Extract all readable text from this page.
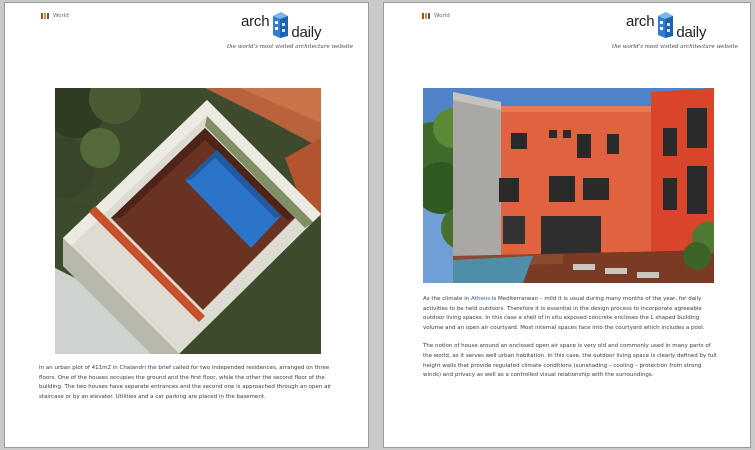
World	arch
daily
the world's most visited architecture website

In an urban plot of 411m2 in Chalandri the brief called for two independed residences, arranged on three floors. One of the houses occupies the ground and the first floor, while the other the second floor of the building. The two houses have separate entrances and the second one is approached through an open air staircase or by an elevator. Utilities and a car parking are placed in the basement.

World	arch
daily
the world's most visited architecture website

As the climate in Athens is Mediterranean – mild it is usual during many months of the year, for daily activities to be held outdoors. Therefore it is essential in the design process to incorporate agreeable outdoor living spaces. In this case a shell of in situ exposed concrete encloses the L shaped building volume and an open air courtyard. Most internal spaces face into the courtyard which includes a pool.

The notion of house around an enclosed open air space is very old and commonly used in many parts of the world, as it serves well urban habitation. In this case, the outdoor living space is clearly defined by full height walls that provide regulated climate conditions (sunshading – cooling – protection from strong winds) and privacy as well as a controlled visual relationship with the surroundings.
